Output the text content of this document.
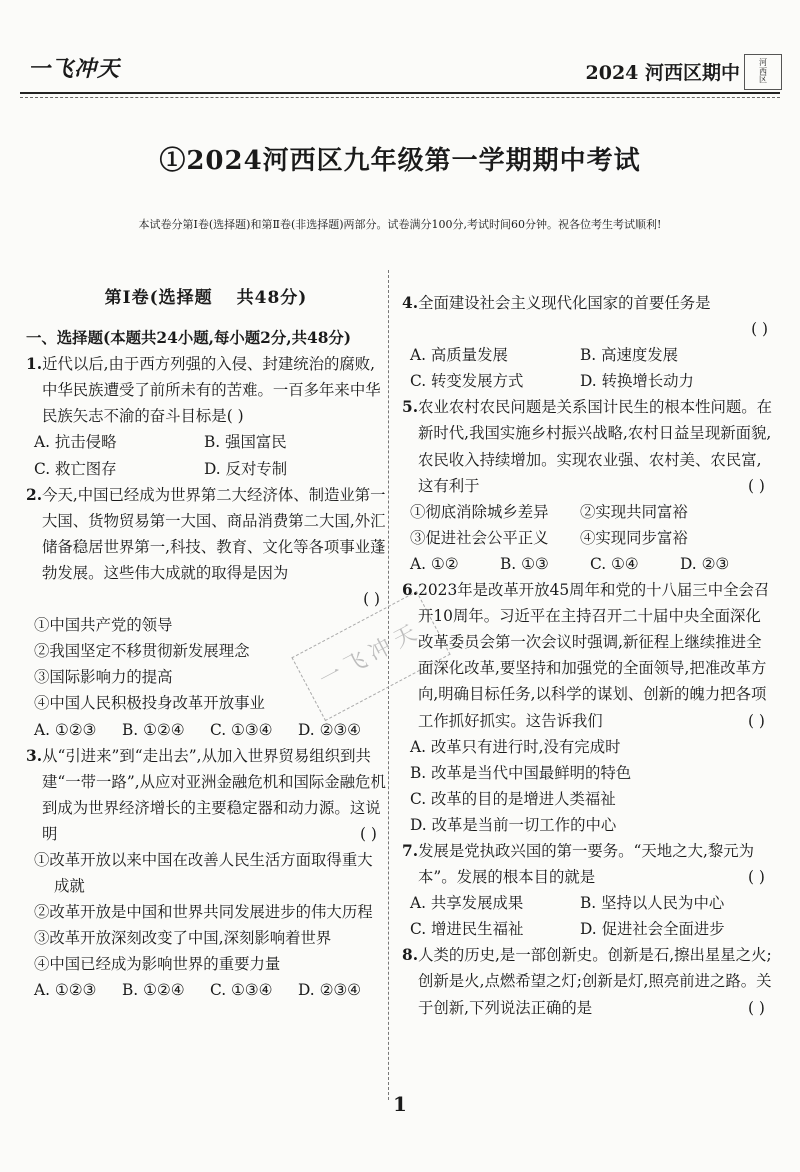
一飞冲天	2024 河西区期中 河
西
区
①2024河西区九年级第一学期期中考试
本试卷分第Ⅰ卷(选择题)和第Ⅱ卷(非选择题)两部分。试卷满分100分,考试时间60分钟。祝各位考生考试顺利!
一飞冲天
第Ⅰ卷(选择题 共48分)

一、选择题(本题共24小题,每小题2分,共48分)

1.近代以后,由于西方列强的入侵、封建统治的腐败,中华民族遭受了前所未有的苦难。一百多年来中华民族矢志不渝的奋斗目标是( )

A. 抗击侵略	B. 强国富民
C. 救亡图存	D. 反对专制

2.今天,中国已经成为世界第二大经济体、制造业第一大国、货物贸易第一大国、商品消费第二大国,外汇储备稳居世界第一,科技、教育、文化等各项事业蓬勃发展。这些伟大成就的取得是因为
( )

①中国共产党的领导

②我国坚定不移贯彻新发展理念

③国际影响力的提高

④中国人民积极投身改革开放事业

A. ①②③	B. ①②④	C. ①③④	D. ②③④

3.从“引进来”到“走出去”,从加入世界贸易组织到共建“一带一路”,从应对亚洲金融危机和国际金融危机到成为世界经济增长的主要稳定器和动力源。这说明	( )

①改革开放以来中国在改善人民生活方面取得重大成就

②改革开放是中国和世界共同发展进步的伟大历程

③改革开放深刻改变了中国,深刻影响着世界

④中国已经成为影响世界的重要力量

A. ①②③	B. ①②④	C. ①③④	D. ②③④

4.全面建设社会主义现代化国家的首要任务是
( )

A. 高质量发展	B. 高速度发展
C. 转变发展方式	D. 转换增长动力

5.农业农村农民问题是关系国计民生的根本性问题。在新时代,我国实施乡村振兴战略,农村日益呈现新面貌,农民收入持续增加。实现农业强、农村美、农民富,这有利于	( )

①彻底消除城乡差异	②实现共同富裕
③促进社会公平正义	④实现同步富裕
A. ①②	B. ①③	C. ①④	D. ②③

6.2023年是改革开放45周年和党的十八届三中全会召开10周年。习近平在主持召开二十届中央全面深化改革委员会第一次会议时强调,新征程上继续推进全面深化改革,要坚持和加强党的全面领导,把准改革方向,明确目标任务,以科学的谋划、创新的魄力把各项工作抓好抓实。这告诉我们	( )

A. 改革只有进行时,没有完成时

B. 改革是当代中国最鲜明的特色

C. 改革的目的是增进人类福祉

D. 改革是当前一切工作的中心

7.发展是党执政兴国的第一要务。“天地之大,黎元为本”。发展的根本目的就是	( )

A. 共享发展成果	B. 坚持以人民为中心
C. 增进民生福祉	D. 促进社会全面进步

8.人类的历史,是一部创新史。创新是石,擦出星星之火;创新是火,点燃希望之灯;创新是灯,照亮前进之路。关于创新,下列说法正确的是	( )

1
